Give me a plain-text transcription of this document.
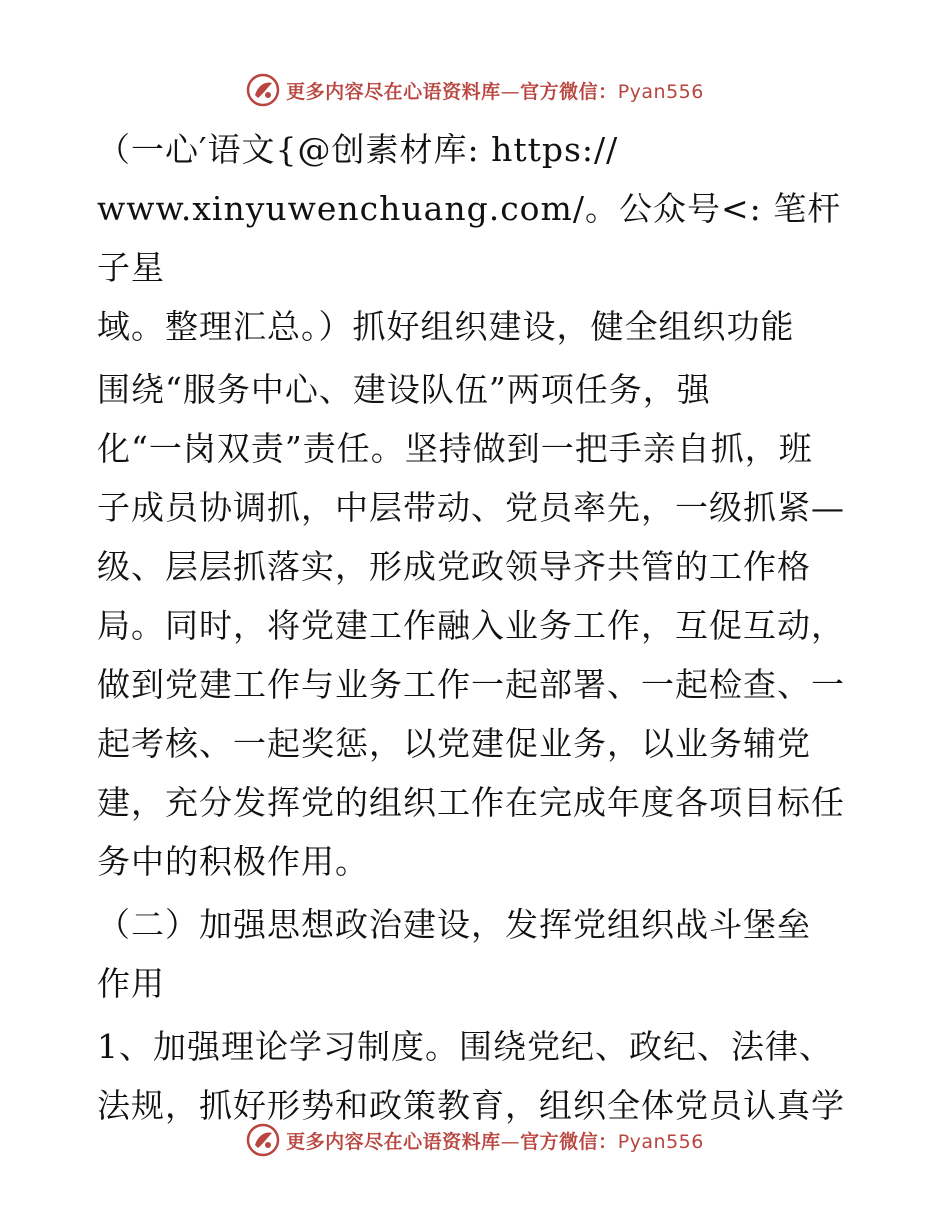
更多内容尽在心语资料库—官方微信：Pyan556

（一心′语文{@创素材库: https://
www.xinyuwenchuang.com/。公众号<: 笔杆子星
域。整理汇总。）抓好组织建设，健全组织功能

围绕“服务中心、建设队伍”两项任务，强
化“一岗双责”责任。坚持做到一把手亲自抓，班
子成员协调抓，中层带动、党员率先，一级抓紧—
级、层层抓落实，形成党政领导齐共管的工作格
局。同时，将党建工作融入业务工作，互促互动，
做到党建工作与业务工作一起部署、一起检查、一
起考核、一起奖惩，以党建促业务，以业务辅党
建，充分发挥党的组织工作在完成年度各项目标任
务中的积极作用。

（二）加强思想政治建设，发挥党组织战斗堡垒
作用

1、加强理论学习制度。围绕党纪、政纪、法律、
法规，抓好形势和政策教育，组织全体党员认真学

更多内容尽在心语资料库—官方微信：Pyan556
